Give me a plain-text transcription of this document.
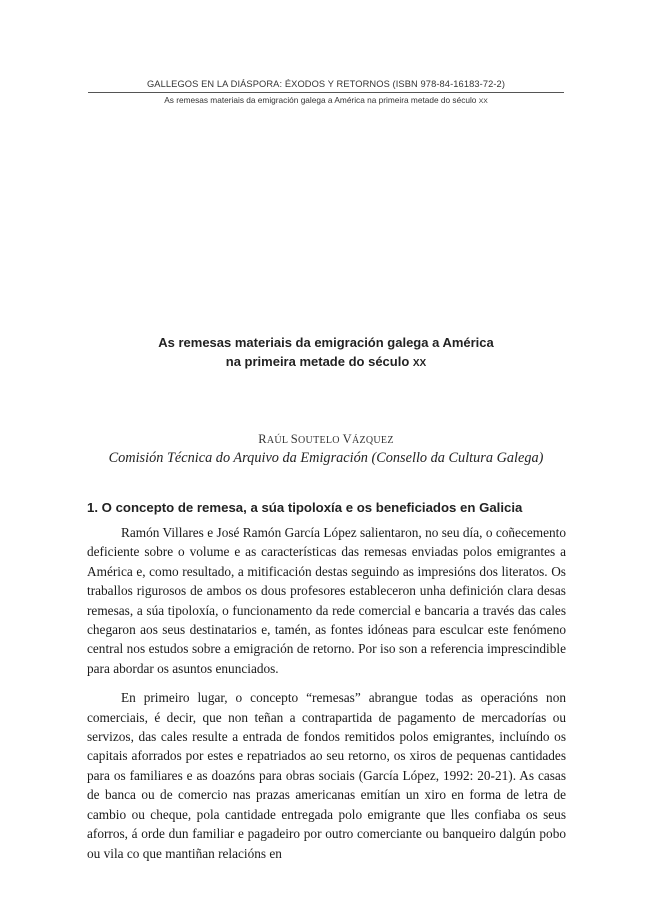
GALLEGOS EN LA DIÁSPORA: ÉXODOS Y RETORNOS (ISBN 978-84-16183-72-2)
As remesas materiais da emigración galega a América na primeira metade do século XX
As remesas materiais da emigración galega a América
na primeira metade do século XX
RAÚL SOUTELO VÁZQUEZ
Comisión Técnica do Arquivo da Emigración (Consello da Cultura Galega)
1. O concepto de remesa, a súa tipoloxía e os beneficiados en Galicia

Ramón Villares e José Ramón García López salientaron, no seu día, o coñecemento deficiente sobre o volume e as características das remesas enviadas polos emigrantes a América e, como resultado, a mitificación destas seguindo as impresións dos literatos. Os traballos rigurosos de ambos os dous profesores estableceron unha definición clara desas remesas, a súa tipoloxía, o funcionamento da rede comercial e bancaria a través das cales chegaron aos seus destinatarios e, tamén, as fontes idóneas para esculcar este fenómeno central nos estudos sobre a emigración de retorno. Por iso son a referencia imprescindible para abordar os asuntos enunciados.

En primeiro lugar, o concepto “remesas” abrangue todas as operacións non comerciais, é decir, que non teñan a contrapartida de pagamento de mercadorías ou servizos, das cales resulte a entrada de fondos remitidos polos emigrantes, incluíndo os capitais aforrados por estes e repatriados ao seu retorno, os xiros de pequenas cantidades para os familiares e as doazóns para obras sociais (García López, 1992: 20-21). As casas de banca ou de comercio nas prazas americanas emitían un xiro en forma de letra de cambio ou cheque, pola cantidade entregada polo emigrante que lles confiaba os seus aforros, á orde dun familiar e pagadeiro por outro comerciante ou banqueiro dalgún pobo ou vila co que mantiñan relacións en
